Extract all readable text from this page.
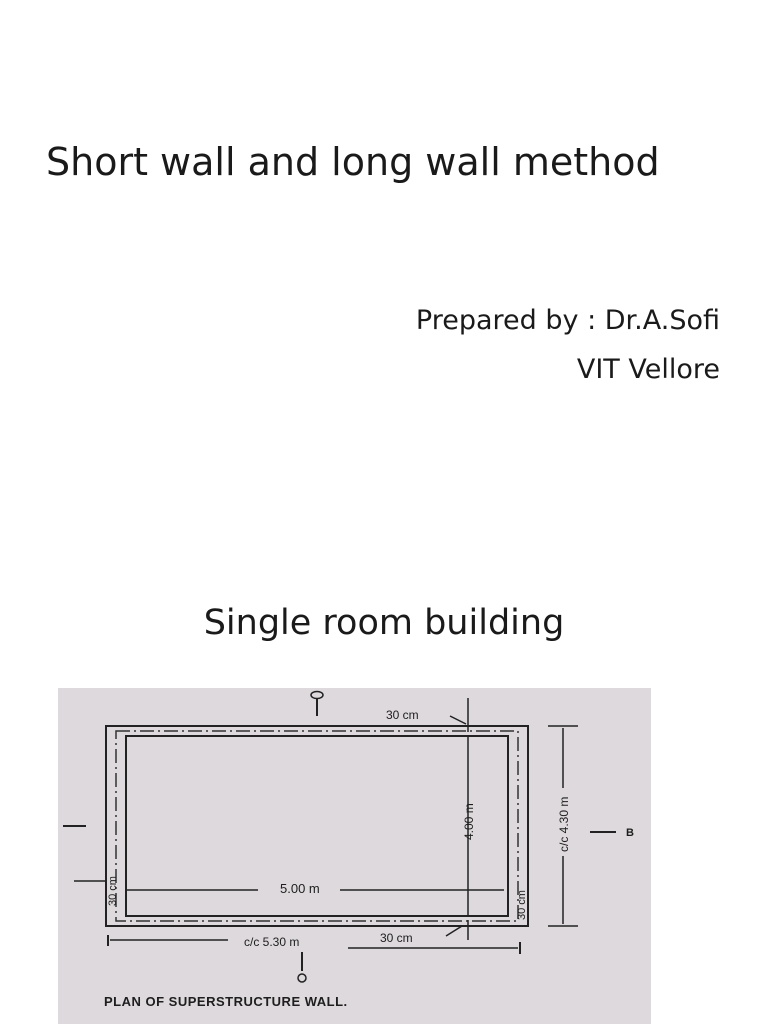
Short wall and long wall method
Prepared by : Dr.A.Sofi
VIT Vellore
Single room building
30 cm
4.00 m	c/c 4.30 m	B
30 cm	5.00 m
30 cm
c/c 5.30 m	30 cm
PLAN OF SUPERSTRUCTURE WALL.
